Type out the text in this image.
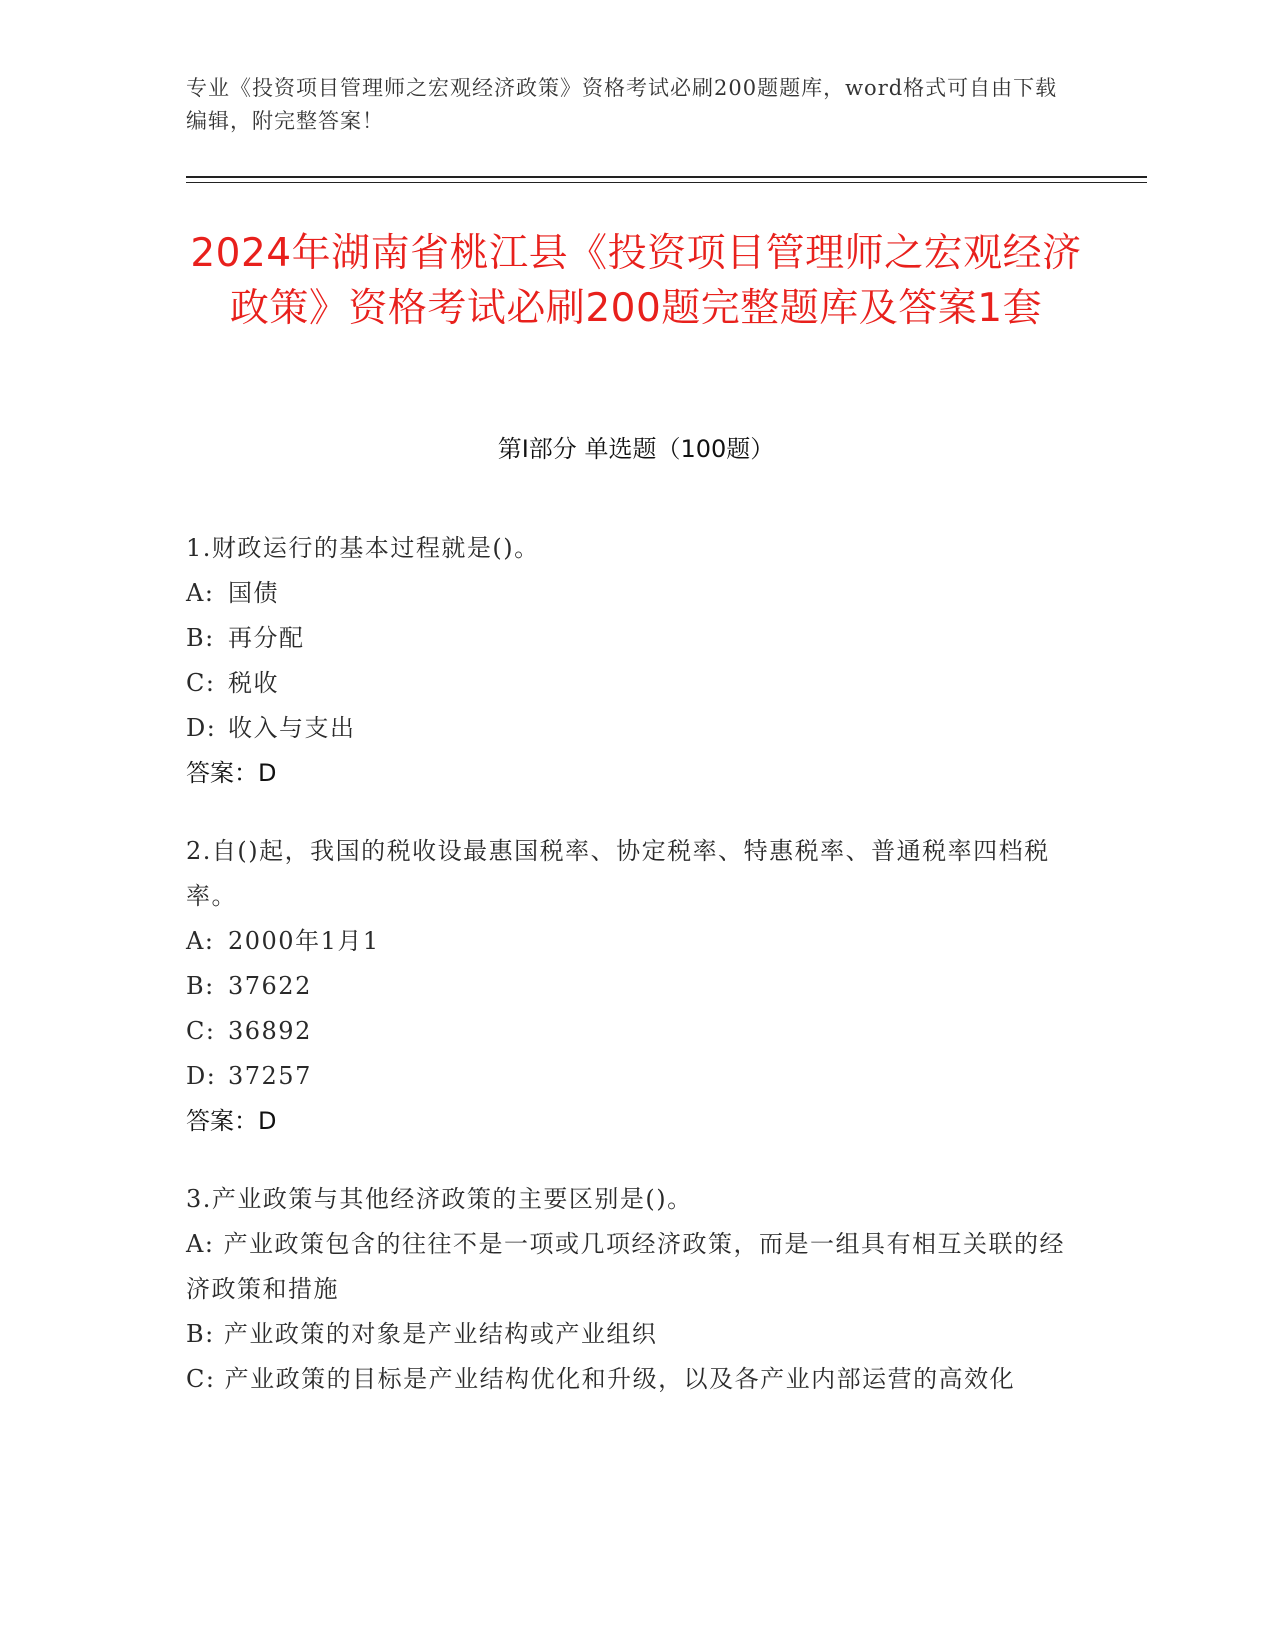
专业《投资项目管理师之宏观经济政策》资格考试必刷200题题库，word格式可自由下载编辑，附完整答案！
2024年湖南省桃江县《投资项目管理师之宏观经济政策》资格考试必刷200题完整题库及答案1套
第I部分 单选题（100题）
1.财政运行的基本过程就是()。
A: 国债
B: 再分配
C: 税收
D: 收入与支出
答案：D
2.自()起，我国的税收设最惠国税率、协定税率、特惠税率、普通税率四档税率。
A: 2000年1月1
B: 37622
C: 36892
D: 37257
答案：D
3.产业政策与其他经济政策的主要区别是()。
A: 产业政策包含的往往不是一项或几项经济政策，而是一组具有相互关联的经济政策和措施
B: 产业政策的对象是产业结构或产业组织
C: 产业政策的目标是产业结构优化和升级，以及各产业内部运营的高效化
